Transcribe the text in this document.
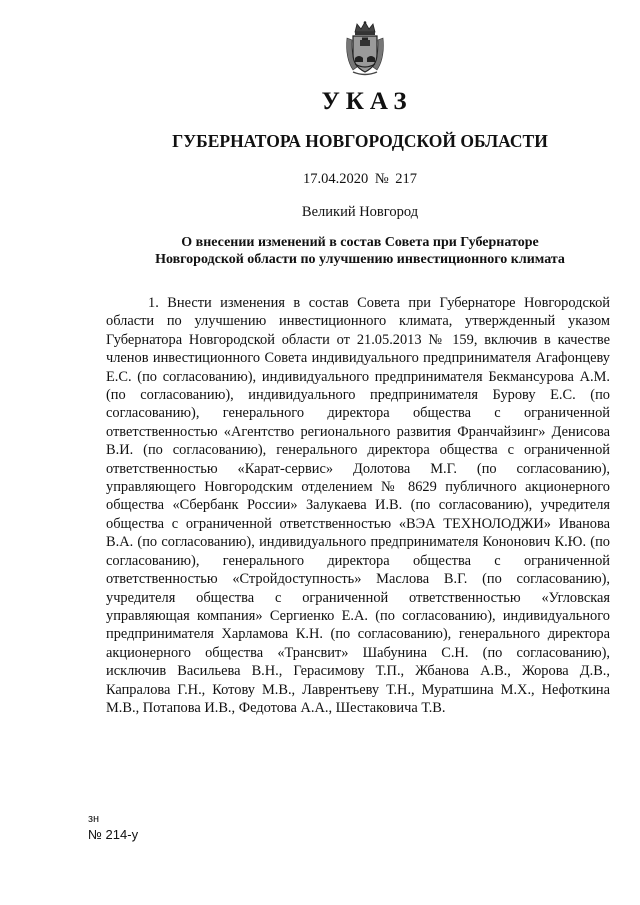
УКАЗ
ГУБЕРНАТОРА НОВГОРОДСКОЙ ОБЛАСТИ
17.04.2020 № 217
Великий Новгород
О внесении изменений в состав Совета при Губернаторе
Новгородской области по улучшению инвестиционного климата

1. Внести изменения в состав Совета при Губернаторе Новгородской области по улучшению инвестиционного климата, утвержденный указом Губернатора Новгородской области от 21.05.2013 № 159, включив в качестве членов инвестиционного Совета индивидуального предпринимателя Агафонцеву Е.С. (по согласованию), индивидуального предпринимателя Бекмансурова А.М. (по согласованию), индивидуального предпринимателя Бурову Е.С. (по согласованию), генерального директора общества с ограниченной ответственностью «Агентство регионального развития Франчайзинг» Денисова В.И. (по согласованию), генерального директора общества с ограниченной ответственностью «Карат-сервис» Долотова М.Г. (по согласованию), управляющего Новгородским отделением № 8629 публичного акционерного общества «Сбербанк России» Залукаева И.В. (по согласованию), учредителя общества с ограниченной ответственностью «ВЭА ТЕХНОЛОДЖИ» Иванова В.А. (по согласованию), индивидуального предпринимателя Кононович К.Ю. (по согласованию), генерального директора общества с ограниченной ответственностью «Стройдоступность» Маслова В.Г. (по согласованию), учредителя общества с ограниченной ответственностью «Угловская управляющая компания» Сергиенко Е.А. (по согласованию), индивидуального предпринимателя Харламова К.Н. (по согласованию), генерального директора акционерного общества «Трансвит» Шабунина С.Н. (по согласованию), исключив Васильева В.Н., Герасимову Т.П., Жбанова А.В., Жорова Д.В., Капралова Г.Н., Котову М.В., Лаврентьеву Т.Н., Муратшина М.Х., Нефоткина М.В., Потапова И.В., Федотова А.А., Шестаковича Т.В.

зн
№ 214-у
